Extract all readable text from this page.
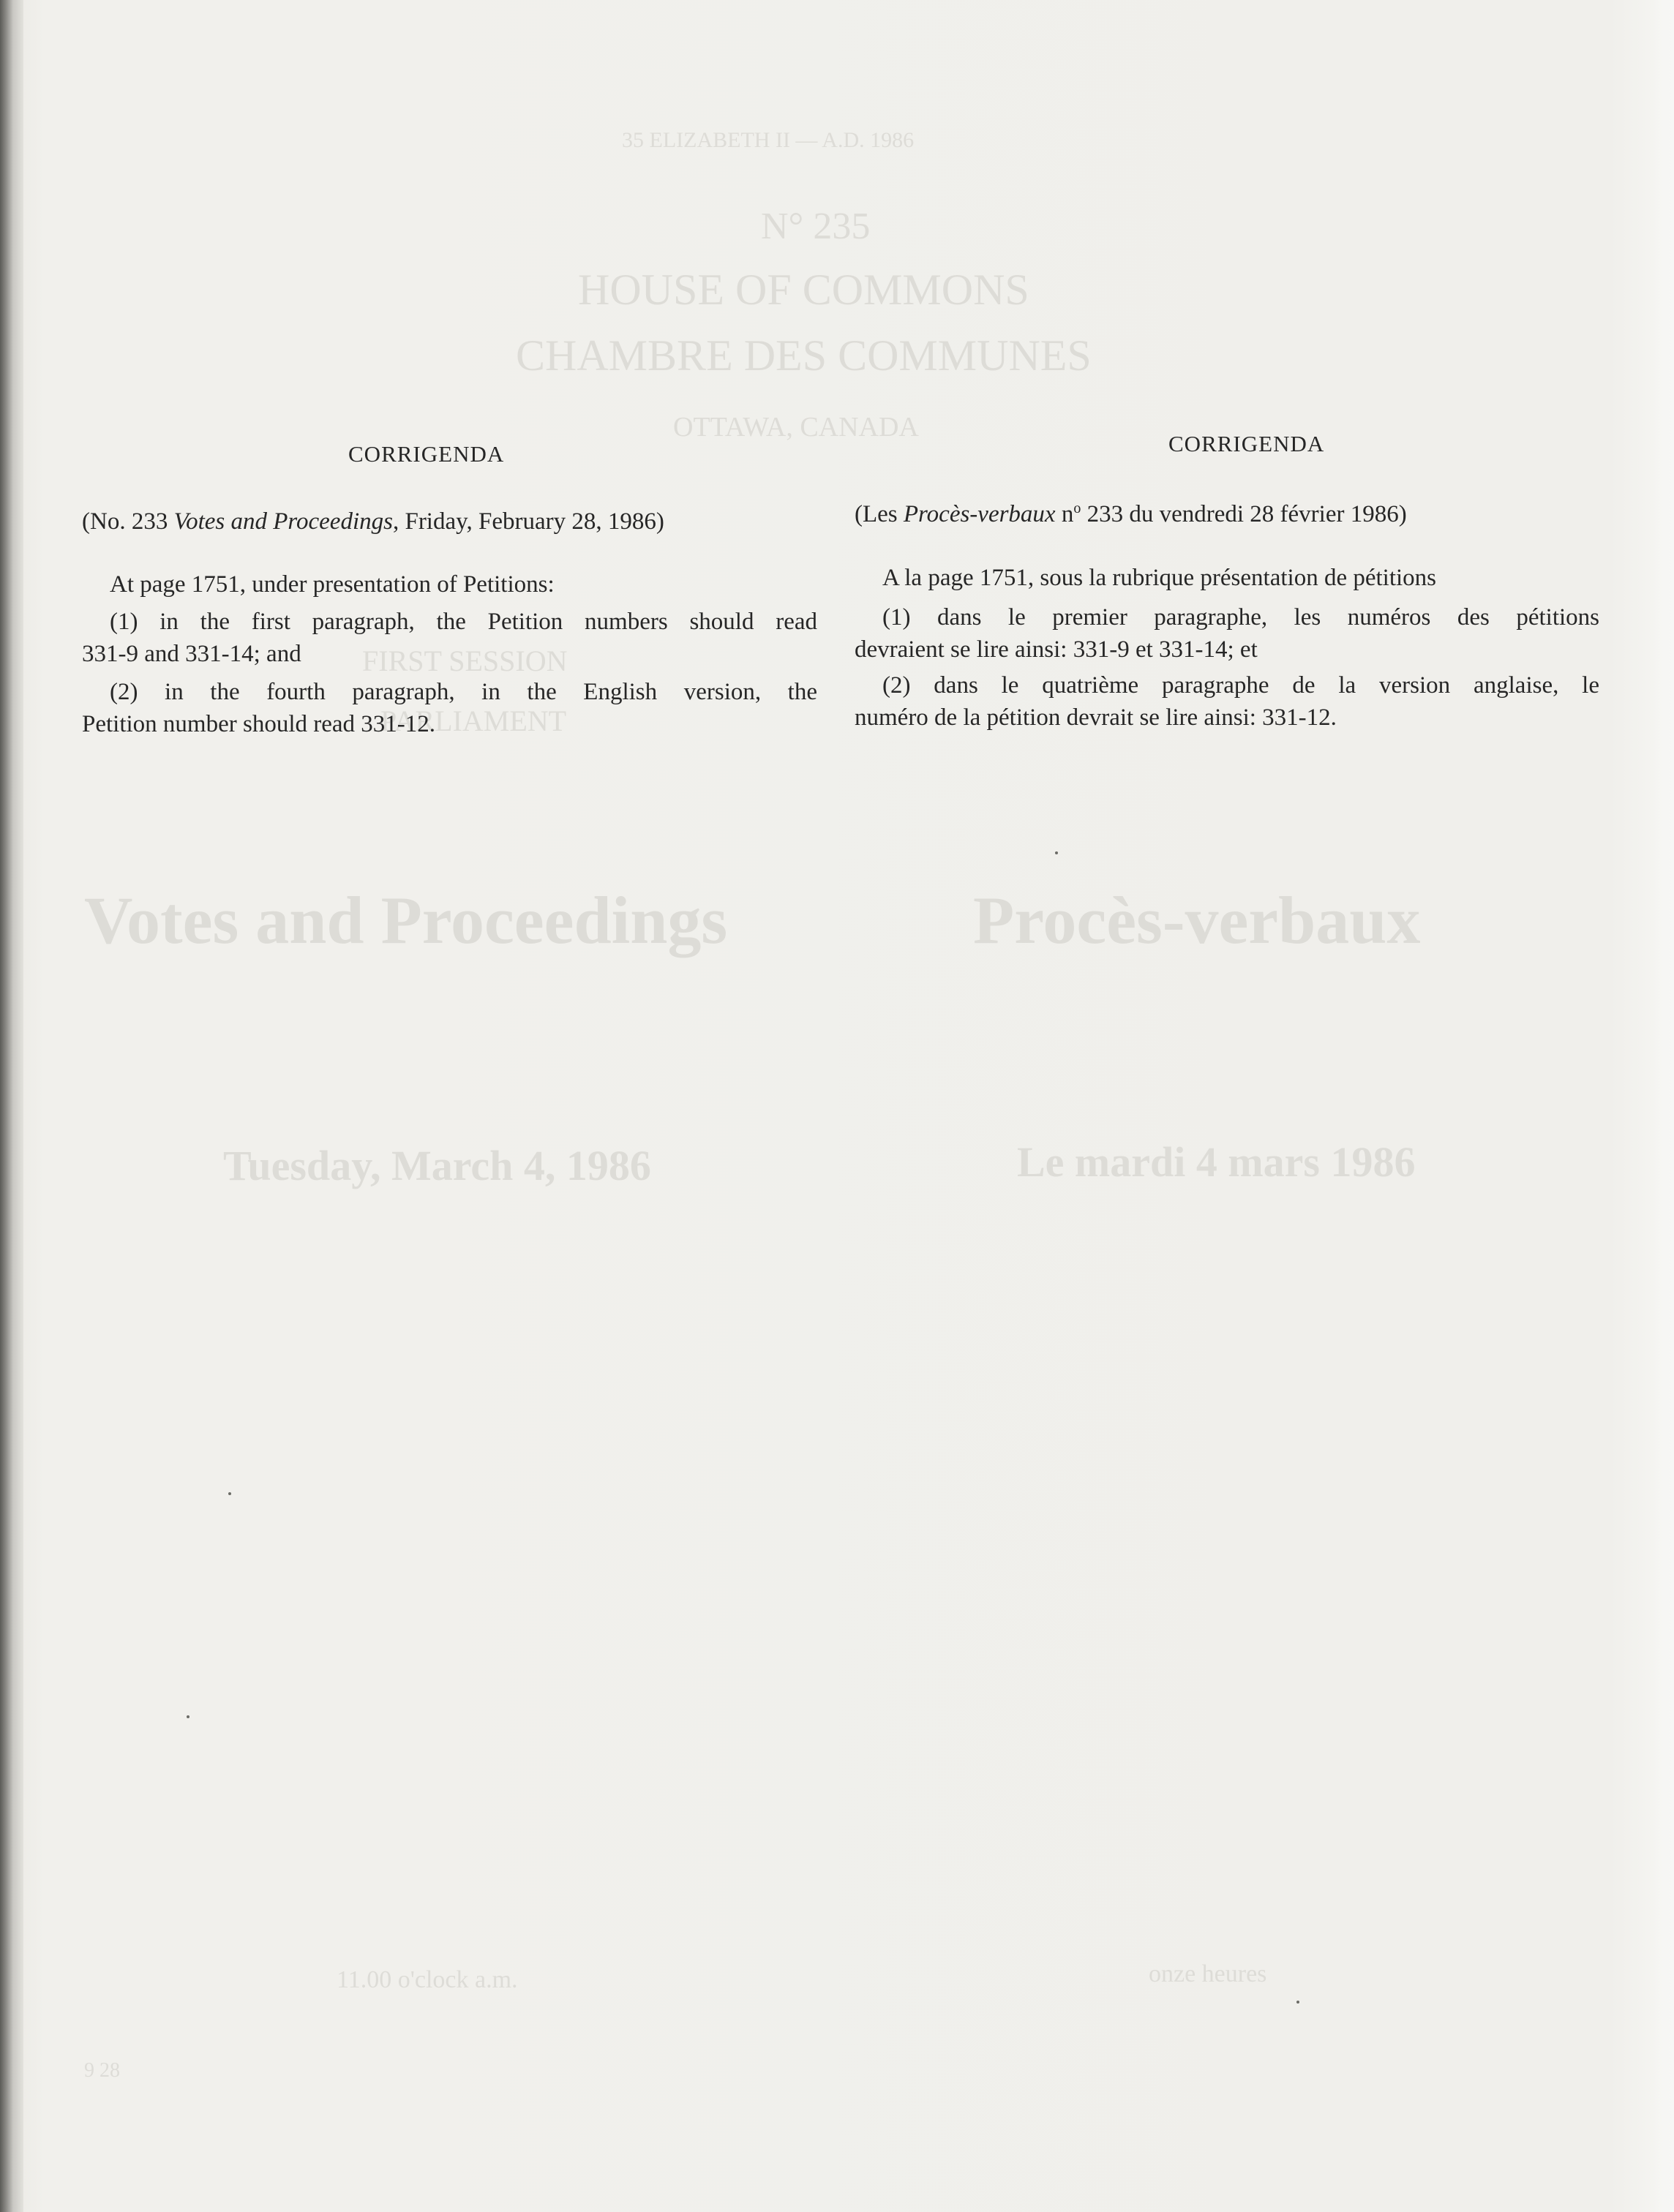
35 ELIZABETH II — A.D. 1986
N° 235
HOUSE OF COMMONS
CHAMBRE DES COMMUNES
OTTAWA, CANADA
FIRST SESSION
PARLIAMENT
Votes and Proceedings	Procès-verbaux
Tuesday, March 4, 1986	Le mardi 4 mars 1986
11.00 o'clock a.m.	onze heures
9 28
CORRIGENDA
(No. 233 Votes and Proceedings, Friday, February 28, 1986)
At page 1751, under presentation of Petitions:
(1) in the first paragraph, the Petition numbers should read
331-9 and 331-14; and
(2) in the fourth paragraph, in the English version, the
Petition number should read 331-12.
CORRIGENDA
(Les Procès-verbaux $n^o$ 233 du vendredi 28 février 1986)
A la page 1751, sous la rubrique présentation de pétitions
(1) dans le premier paragraphe, les numéros des pétitions
devraient se lire ainsi: 331-9 et 331-14; et
(2) dans le quatrième paragraphe de la version anglaise, le
numéro de la pétition devrait se lire ainsi: 331-12.
